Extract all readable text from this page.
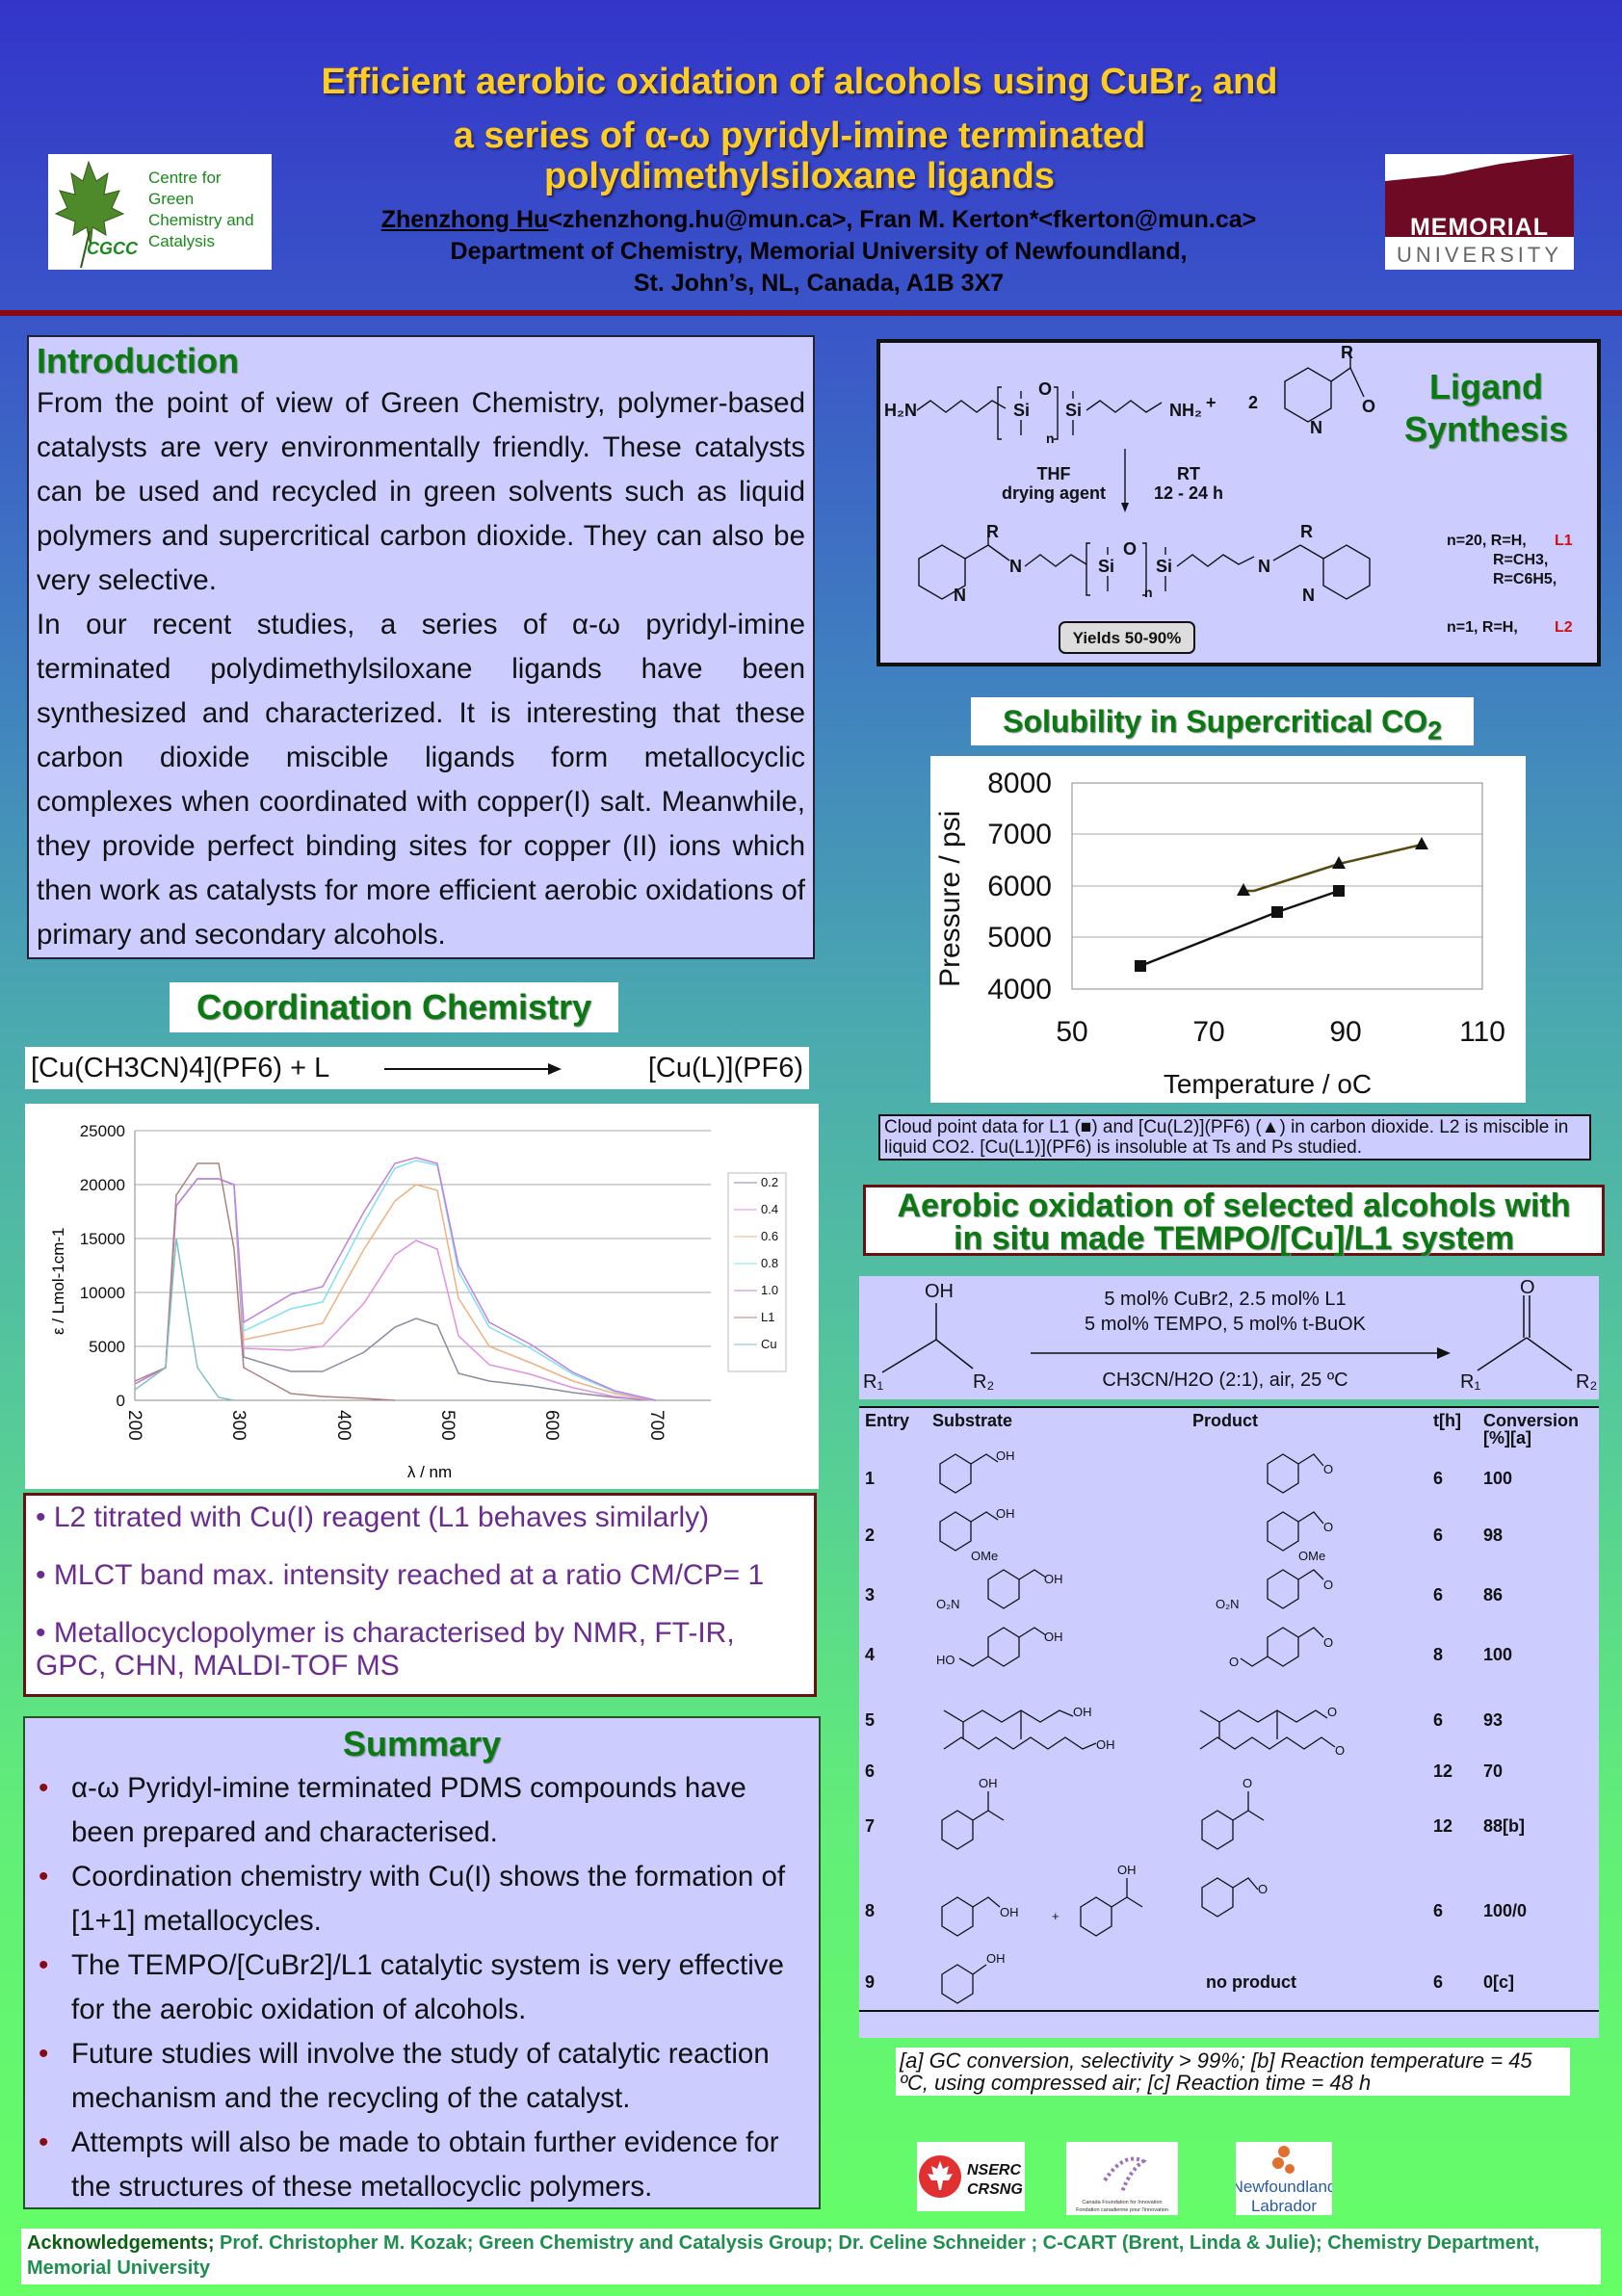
Efficient aerobic oxidation of alcohols using CuBr$_2$ and
a series of α-ω pyridyl-imine terminated
polydimethylsiloxane ligands
Zhenzhong Hu<zhenzhong.hu@mun.ca>, Fran M. Kerton*<fkerton@mun.ca>
Department of Chemistry, Memorial University of Newfoundland,
St. John’s, NL, Canada, A1B 3X7
Centre for
Green
Chemistry and
Catalysis
CGCC
MEMORIAL
UNIVERSITY
Introduction

From the point of view of Green Chemistry, polymer-based catalysts are very environmentally friendly. These catalysts can be used and recycled in green solvents such as liquid polymers and supercritical carbon dioxide. They can also be very selective.

In our recent studies, a series of α-ω pyridyl-imine terminated polydimethylsiloxane ligands have been synthesized and characterized. It is interesting that these carbon dioxide miscible ligands form metallocyclic complexes when coordinated with copper(I) salt. Meanwhile, they provide perfect binding sites for copper (II) ions which then work as catalysts for more efficient aerobic oxidations of primary and secondary alcohols.

Coordination Chemistry
[Cu(CH3CN)4](PF6) + L	[Cu(L)](PF6)
25000
20000
15000
10000
5000
0
200	300	400	500	600	700
λ / nm
ε / Lmol-1cm-1
0.2
0.4
0.6
0.8
1.0
L1
Cu
• L2 titrated with Cu(I) reagent (L1 behaves similarly)
• MLCT band max. intensity reached at a ratio CM/CP= 1
• Metallocyclopolymer is characterised by NMR, FT-IR, GPC, CHN, MALDI-TOF MS
Summary
• α-ω Pyridyl-imine terminated PDMS compounds have been prepared and characterised.
• Coordination chemistry with Cu(I) shows the formation of [1+1] metallocycles.
• The TEMPO/[CuBr2]/L1 catalytic system is very effective for the aerobic oxidation of alcohols.
• Future studies will involve the study of catalytic reaction mechanism and the recycling of the catalyst.
• Attempts will also be made to obtain further evidence for the structures of these metallocyclic polymers.
H₂N	Si
O
Si
n
NH₂ + 2
R
O
N
THF
drying agent
RT
12 - 24 h
R
N
N
Si
O
Si
n
N
R
N
n=20, R=H, L1
R=CH3,
R=C6H5,
n=1, R=H, L2
Yields 50-90%
Ligand
Synthesis
Solubility in Supercritical $CO_2$
8000
7000
6000
5000
4000
50	70	90	110
Temperature / oC
Pressure / psi
Cloud point data for L1 (■) and [Cu(L2)](PF6) (▲) in carbon dioxide. L2 is miscible in liquid CO2. [Cu(L1)](PF6) is insoluble at Ts and Ps studied.
Aerobic oxidation of selected alcohols with
in situ made TEMPO/[Cu]/L1 system
OH
R₁	R₂
O
R₁	R₂
5 mol% CuBr2, 2.5 mol% L1
5 mol% TEMPO, 5 mol% t-BuOK
CH3CN/H2O (2:1), air, 25 ºC
Entry	Substrate	Product	t[h]	Conversion [%][a]
1			6	100
2			6	98
3			6	86
4			8	100
5			6	93
6			12	70
7			12	88[b]
8			6	100/0
9		no product	6	0[c]
OH
O
OH
O
OMe	OMe
OH	O
O₂N	O₂N
OH	O
HO	O
OH	O
OH	O
OH	O
OH	+
OH
O
OH
[a] GC conversion, selectivity > 99%; [b] Reaction temperature = 45 ºC, using compressed air; [c] Reaction time = 48 h
NSERC
CRSNG
Canada Foundation for Innovation
Fondation canadienne pour l'innovation
Newfoundland
Labrador
Acknowledgements; Prof. Christopher M. Kozak; Green Chemistry and Catalysis Group; Dr. Celine Schneider ; C-CART (Brent, Linda & Julie); Chemistry Department, Memorial University
